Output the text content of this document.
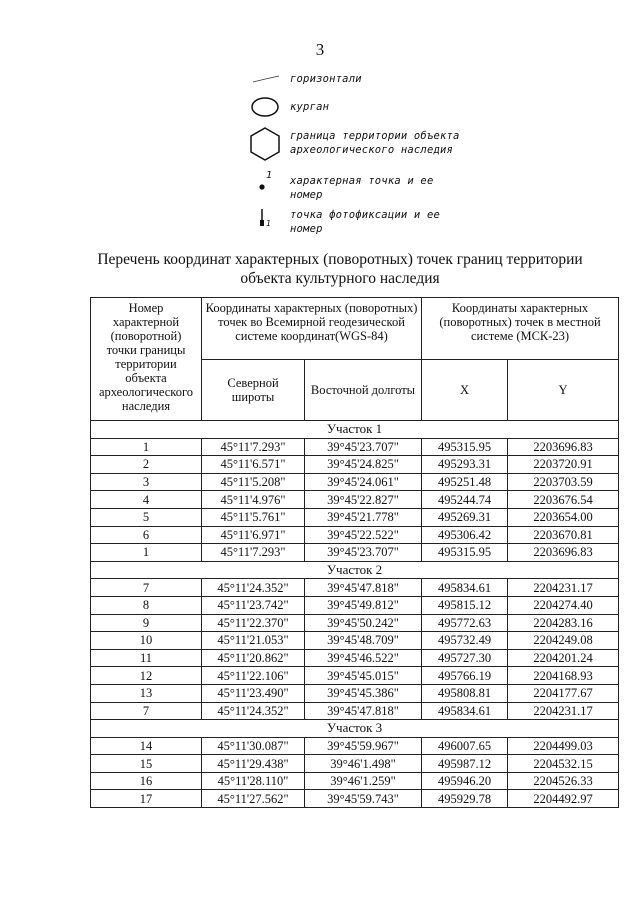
3
горизонтали
курган
граница территории объекта
археологического наследия
1 характерная точка и ее
номер
1
точка фотофиксации и ее
номер
Перечень координат характерных (поворотных) точек границ территории
объекта культурного наследия
Номер характерной (поворотной) точки границы территории объекта археологического наследия	Координаты характерных (поворотных) точек во Всемирной геодезической системе координат(WGS-84)		Координаты характерных (поворотных) точек в местной системе (МСК-23)	
	Северной широты	Восточной долготы	X	Y
Участок 1				
1	45°11'7.293"	39°45'23.707"	495315.95	2203696.83
2	45°11'6.571"	39°45'24.825"	495293.31	2203720.91
3	45°11'5.208"	39°45'24.061"	495251.48	2203703.59
4	45°11'4.976"	39°45'22.827"	495244.74	2203676.54
5	45°11'5.761"	39°45'21.778"	495269.31	2203654.00
6	45°11'6.971"	39°45'22.522"	495306.42	2203670.81
1	45°11'7.293"	39°45'23.707"	495315.95	2203696.83
Участок 2				
7	45°11'24.352"	39°45'47.818"	495834.61	2204231.17
8	45°11'23.742"	39°45'49.812"	495815.12	2204274.40
9	45°11'22.370"	39°45'50.242"	495772.63	2204283.16
10	45°11'21.053"	39°45'48.709"	495732.49	2204249.08
11	45°11'20.862"	39°45'46.522"	495727.30	2204201.24
12	45°11'22.106"	39°45'45.015"	495766.19	2204168.93
13	45°11'23.490"	39°45'45.386"	495808.81	2204177.67
7	45°11'24.352"	39°45'47.818"	495834.61	2204231.17
Участок 3				
14	45°11'30.087"	39°45'59.967"	496007.65	2204499.03
15	45°11'29.438"	39°46'1.498"	495987.12	2204532.15
16	45°11'28.110"	39°46'1.259"	495946.20	2204526.33
17	45°11'27.562"	39°45'59.743"	495929.78	2204492.97
